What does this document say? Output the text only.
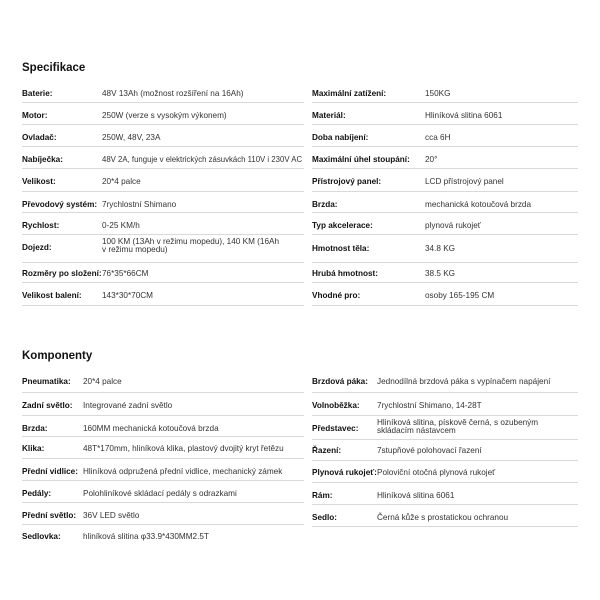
Specifikace
Baterie:	48V 13Ah (možnost rozšíření na 16Ah)
Motor:	250W (verze s vysokým výkonem)
Ovladač:	250W, 48V, 23A
Nabíječka:	48V 2A, funguje v elektrických zásuvkách 110V i 230V AC
Velikost:	20*4 palce
Převodový systém: 7rychlostní Shimano
Rychlost:	0-25 KM/h
Dojezd:
100 KM (13Ah v režimu mopedu), 140 KM (16Ah v režimu mopedu)
Rozměry po složení: 76*35*66CM
Velikost balení: 143*30*70CM
Maximální zatížení:	150KG
Materiál:	Hliníková slitina 6061
Doba nabíjení:	cca 6H
Maximální úhel stoupání: 20°
Přístrojový panel:	LCD přístrojový panel
Brzda:	mechanická kotoučová brzda
Typ akcelerace:	plynová rukojeť
Hmotnost těla:	34.8 KG
Hrubá hmotnost:	38.5 KG
Vhodné pro:	osoby 165-195 CM
Komponenty
Pneumatika: 20*4 palce
Zadní světlo: Integrované zadní světlo
Brzda:	160MM mechanická kotoučová brzda
Klika:	48T*170mm, hliníková klika, plastový dvojitý kryt řetězu
Přední vidlice: Hliníková odpružená přední vidlice, mechanický zámek
Pedály:	Polohliníkové skládací pedály s odrazkami
Přední světlo: 36V LED světlo
Sedlovka:	hliníková slitina φ33.9*430MM2.5T
Brzdová páka: Jednodílná brzdová páka s vypínačem napájení
Volnoběžka: 7rychlostní Shimano, 14-28T
Představec:
Hliníková slitina, pískově černá, s ozubeným skládacím nástavcem
Řazení:	7stupňové polohovací řazení
Plynová rukojeť: Poloviční otočná plynová rukojeť
Rám:	Hliníková slitina 6061
Sedlo:	Černá kůže s prostatickou ochranou
